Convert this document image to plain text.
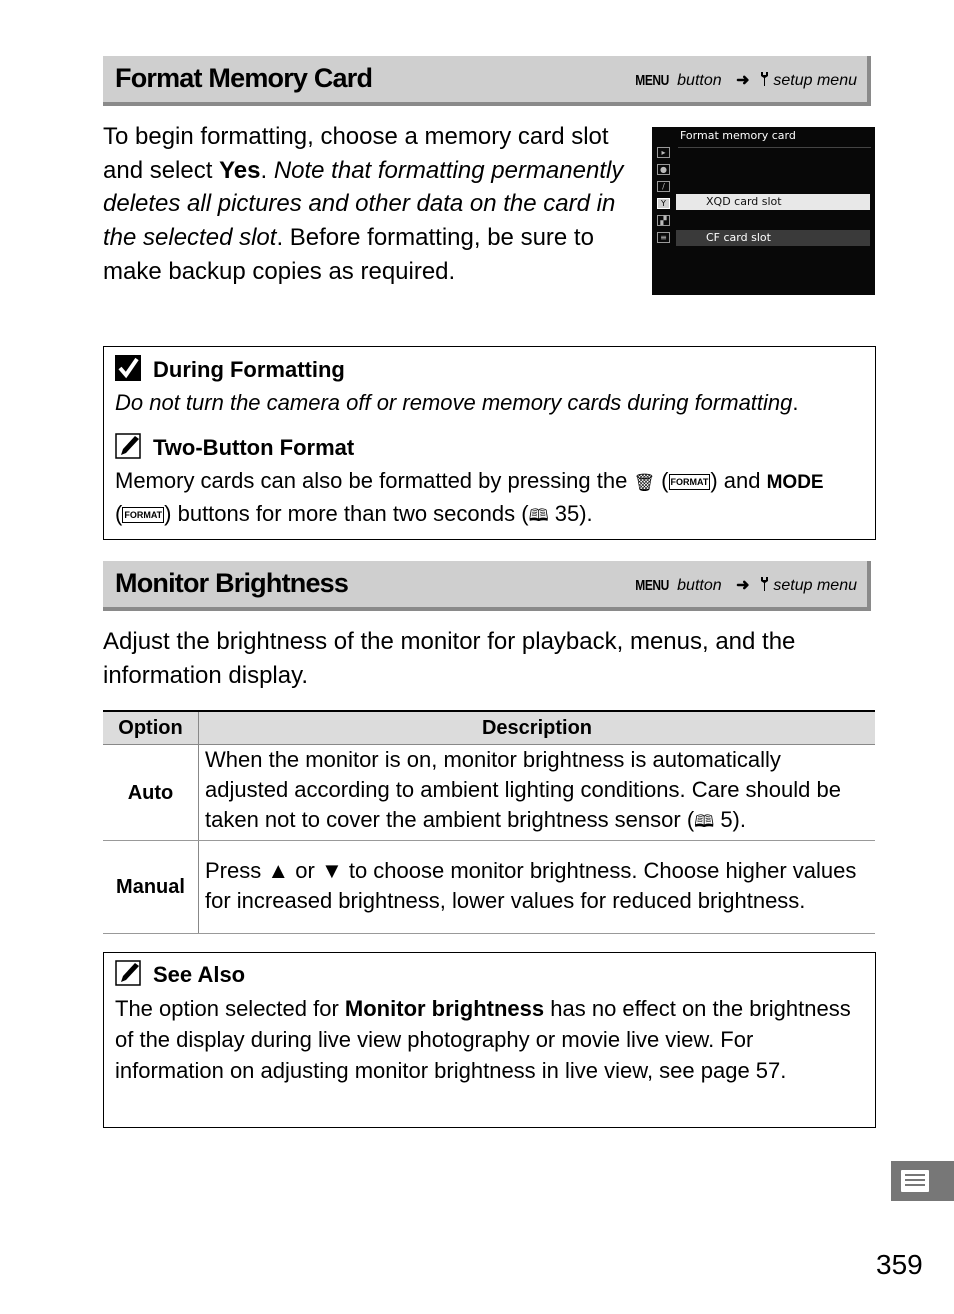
Format Memory Card	MENU button ➜ setup menu
To begin formatting, choose a memory card slot and select Yes. Note that formatting permanently deletes all pictures and other data on the card in the selected slot. Before formatting, be sure to make backup copies as required.
Format memory card
▸
●
/
Y
▞
≡
XQD card slot
CF card slot
During Formatting
Do not turn the camera off or remove memory cards during formatting.
Two-Button Format
Memory cards can also be formatted by pressing the 🗑 ( FORMAT) and MODE
( FORMAT) buttons for more than two seconds (🕮 35).
Monitor Brightness	MENU button ➜ setup menu
Adjust the brightness of the monitor for playback, menus, and the information display.
Option	Description
Auto	When the monitor is on, monitor brightness is automatically adjusted according to ambient lighting conditions. Care should be taken not to cover the ambient brightness sensor (🕮 5).
Manual	Press ▲ or ▼ to choose monitor brightness. Choose higher values for increased brightness, lower values for reduced brightness.
See Also
The option selected for Monitor brightness has no effect on the brightness of the display during live view photography or movie live view. For information on adjusting monitor brightness in live view, see page 57.
359
